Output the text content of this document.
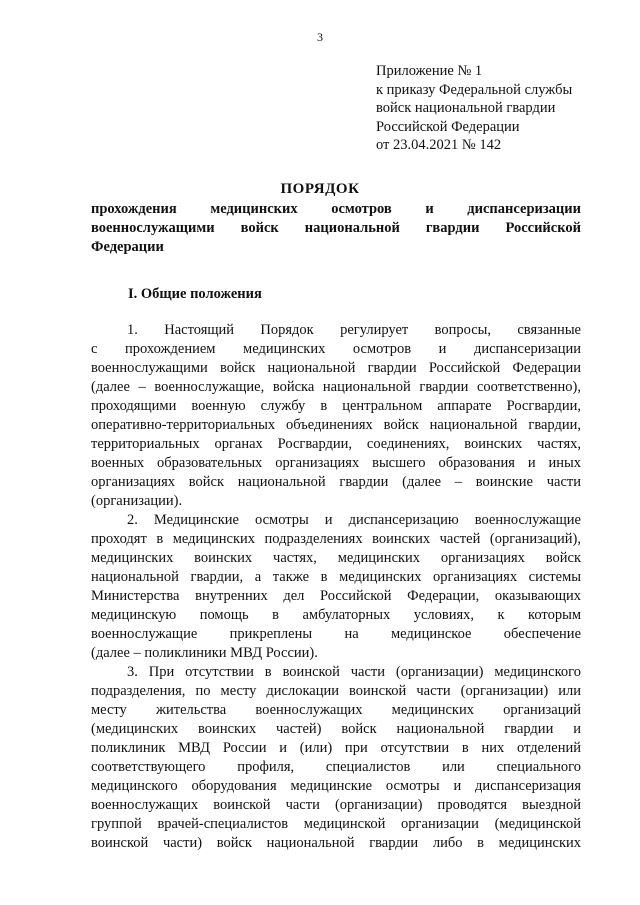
3
Приложение № 1
к приказу Федеральной службы
войск национальной гвардии
Российской Федерации
от 23.04.2021 № 142
ПОРЯДОК
прохождения медицинских осмотров и диспансеризации
военнослужащими войск национальной гвардии Российской
Федерации
I. Общие положения
1. Настоящий Порядок регулирует вопросы, связанные
с прохождением медицинских осмотров и диспансеризации
военнослужащими войск национальной гвардии Российской Федерации
(далее – военнослужащие, войска национальной гвардии соответственно),
проходящими военную службу в центральном аппарате Росгвардии,
оперативно-территориальных объединениях войск национальной гвардии,
территориальных органах Росгвардии, соединениях, воинских частях,
военных образовательных организациях высшего образования и иных
организациях войск национальной гвардии (далее – воинские части
(организации).
2. Медицинские осмотры и диспансеризацию военнослужащие
проходят в медицинских подразделениях воинских частей (организаций),
медицинских воинских частях, медицинских организациях войск
национальной гвардии, а также в медицинских организациях системы
Министерства внутренних дел Российской Федерации, оказывающих
медицинскую помощь в амбулаторных условиях, к которым
военнослужащие прикреплены на медицинское обеспечение
(далее – поликлиники МВД России).
3. При отсутствии в воинской части (организации) медицинского
подразделения, по месту дислокации воинской части (организации) или
месту жительства военнослужащих медицинских организаций
(медицинских воинских частей) войск национальной гвардии и
поликлиник МВД России и (или) при отсутствии в них отделений
соответствующего профиля, специалистов или специального
медицинского оборудования медицинские осмотры и диспансеризация
военнослужащих воинской части (организации) проводятся выездной
группой врачей-специалистов медицинской организации (медицинской
воинской части) войск национальной гвардии либо в медицинских
